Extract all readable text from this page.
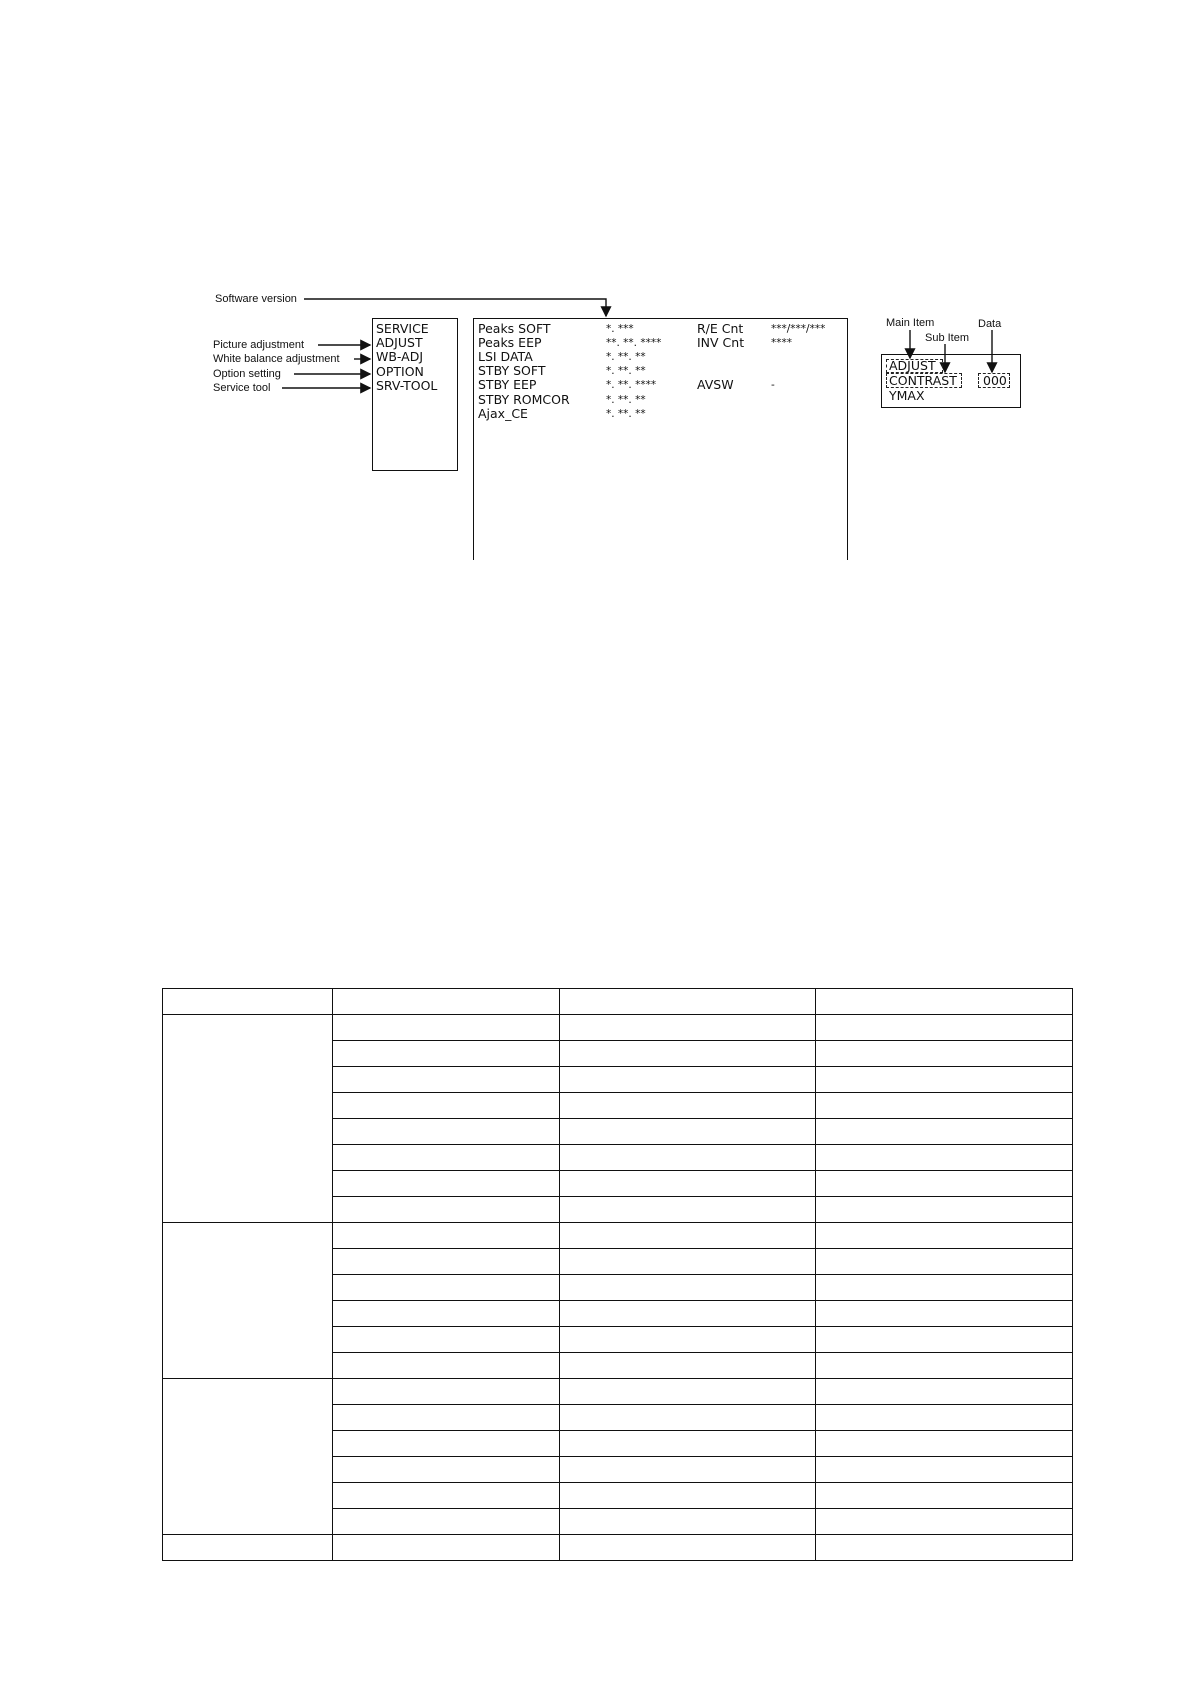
Software version
Picture adjustment
White balance adjustment
Option setting
Service tool
SERVICE
ADJUST
WB-ADJ
OPTION
SRV-TOOL
Peaks SOFT	*. ***	R/E Cnt	***/***/***
Peaks EEP	**. **. ****	INV Cnt	****
LSI DATA	*. **. **
STBY SOFT	*. **. **
STBY EEP	*. **. ****	AVSW	-
STBY ROMCOR	*. **. **
Ajax_CE	*. **. **
Main Item
Sub Item
Data
ADJUST
CONTRAST 000
YMAX
